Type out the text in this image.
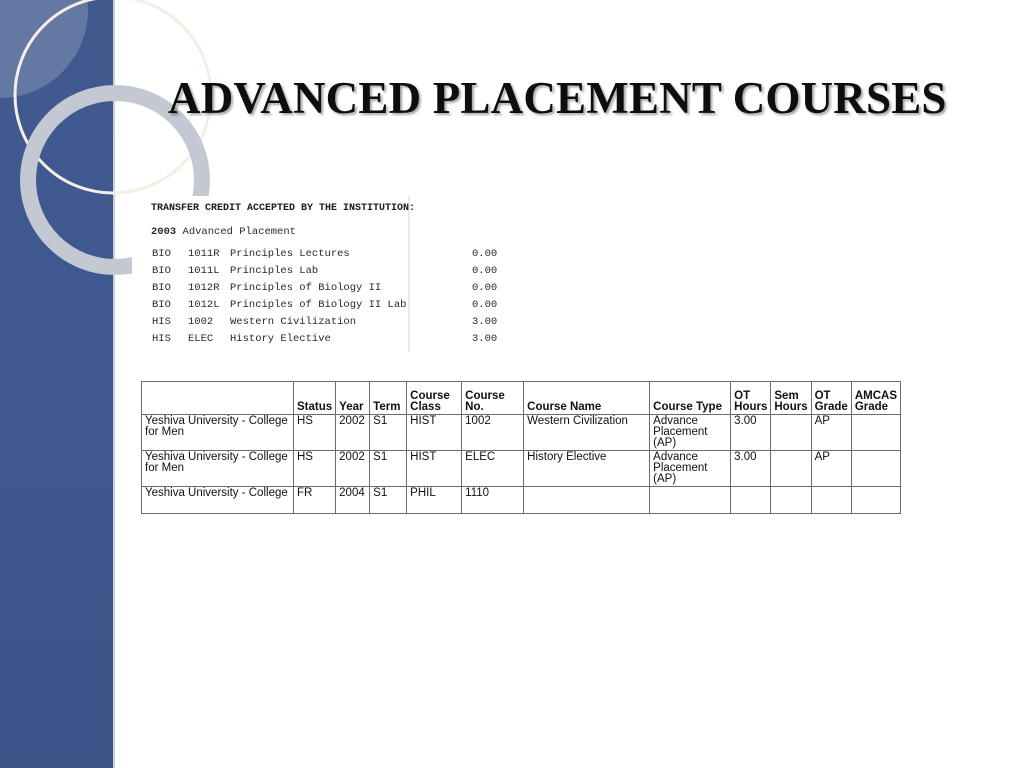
ADVANCED PLACEMENT COURSES
TRANSFER CREDIT ACCEPTED BY THE INSTITUTION:
2003 Advanced Placement
BIO 1011R Principles Lectures	0.00
BIO 1011L Principles Lab	0.00
BIO 1012R Principles of Biology II	0.00
BIO 1012L Principles of Biology II Lab	0.00
HIS 1002 Western Civilization	3.00
HIS ELEC History Elective	3.00
	Status	Year	Term	Course Class	Course No.	Course Name	Course Type	OT Hours	Sem Hours	OT Grade	AMCAS Grade
Yeshiva University - College for Men	HS	2002	S1	HIST	1002	Western Civilization	Advance Placement (AP)	3.00		AP	
Yeshiva University - College for Men	HS	2002	S1	HIST	ELEC	History Elective	Advance Placement (AP)	3.00		AP	
Yeshiva University - College	FR	2004	S1	PHIL	1110						
